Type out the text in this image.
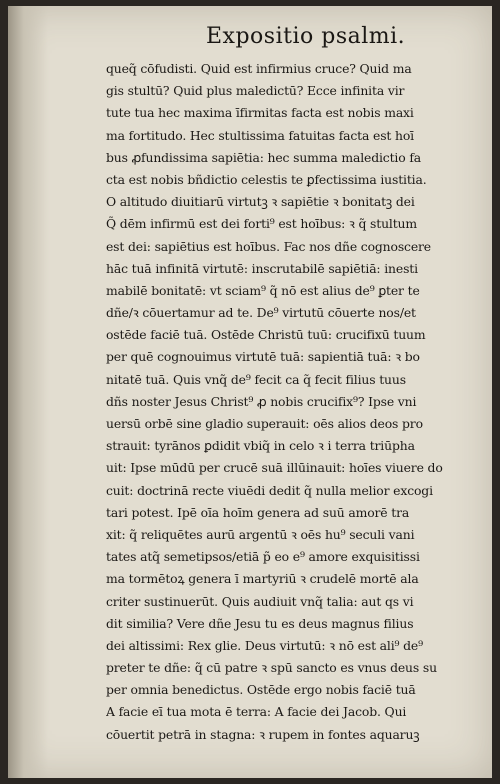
Expositio psalmi.
queq̃ cōfudisti. Quid est infirmius cruce? Quid ma
gis stultū? Quid plus maledictū? Ecce infinita vir
tute tua hec maxima īfirmitas facta est nobis maxi
ma fortitudo. Hec stultissima fatuitas facta est hoī
bus ꝓfundissima sapiētia: hec summa maledictio fa
cta est nobis bñdictio celestis te ꝑfectissima iustitia.
O altitudo diuitiarū virtutꝫ ꝛ sapiētie ꝛ bonitatꝫ dei
Q̃ dēm infirmū est dei forti⁹ est hoībus: ꝛ q̃ stultum
est dei: sapiētius est hoībus. Fac nos dñe cognoscere
hāc tuā infinitā virtutē: inscrutabilē sapiētiā: inesti
mabilē bonitatē: vt sciam⁹ q̃ nō est alius de⁹ ꝑter te
dñe/ꝛ cōuertamur ad te. De⁹ virtutū cōuerte nos/et
ostēde faciē tuā. Ostēde Christū tuū: crucifixū tuum
per quē cognouimus virtutē tuā: sapientiā tuā: ꝛ bo
nitatē tuā. Quis vnq̃ de⁹ fecit ca q̃ fecit filius tuus
dñs noster Jesus Christ⁹ ꝓ nobis crucifix⁹? Ipse vni
uersū orbē sine gladio superauit: oēs alios deos pro
strauit: tyrānos ꝑdidit vbiq̃ in celo ꝛ i terra triūpha
uit: Ipse mūdū per crucē suā illūinauit: hoīes viuere do
cuit: doctrinā recte viuēdi dedit q̃ nulla melior excogi
tari potest. Ipē oīa hoīm genera ad suū amorē tra
xit: q̃ reliquētes aurū argentū ꝛ oēs hu⁹ seculi vani
tates atq̃ semetipsos/etiā p̃ eo e⁹ amore exquisitissi
ma tormētoꝝ genera ī martyriū ꝛ crudelē mortē ala
criter sustinuerūt. Quis audiuit vnq̃ talia: aut qs vi
dit similia? Vere dñe Jesu tu es deus magnus filius
dei altissimi: Rex glie. Deus virtutū: ꝛ nō est ali⁹ de⁹
preter te dñe: q̃ cū patre ꝛ spū sancto es vnus deus su
per omnia benedictus. Ostēde ergo nobis faciē tuā
A facie eī tua mota ē terra: A facie dei Jacob. Qui
cōuertit petrā in stagna: ꝛ rupem in fontes aquaruꝫ
